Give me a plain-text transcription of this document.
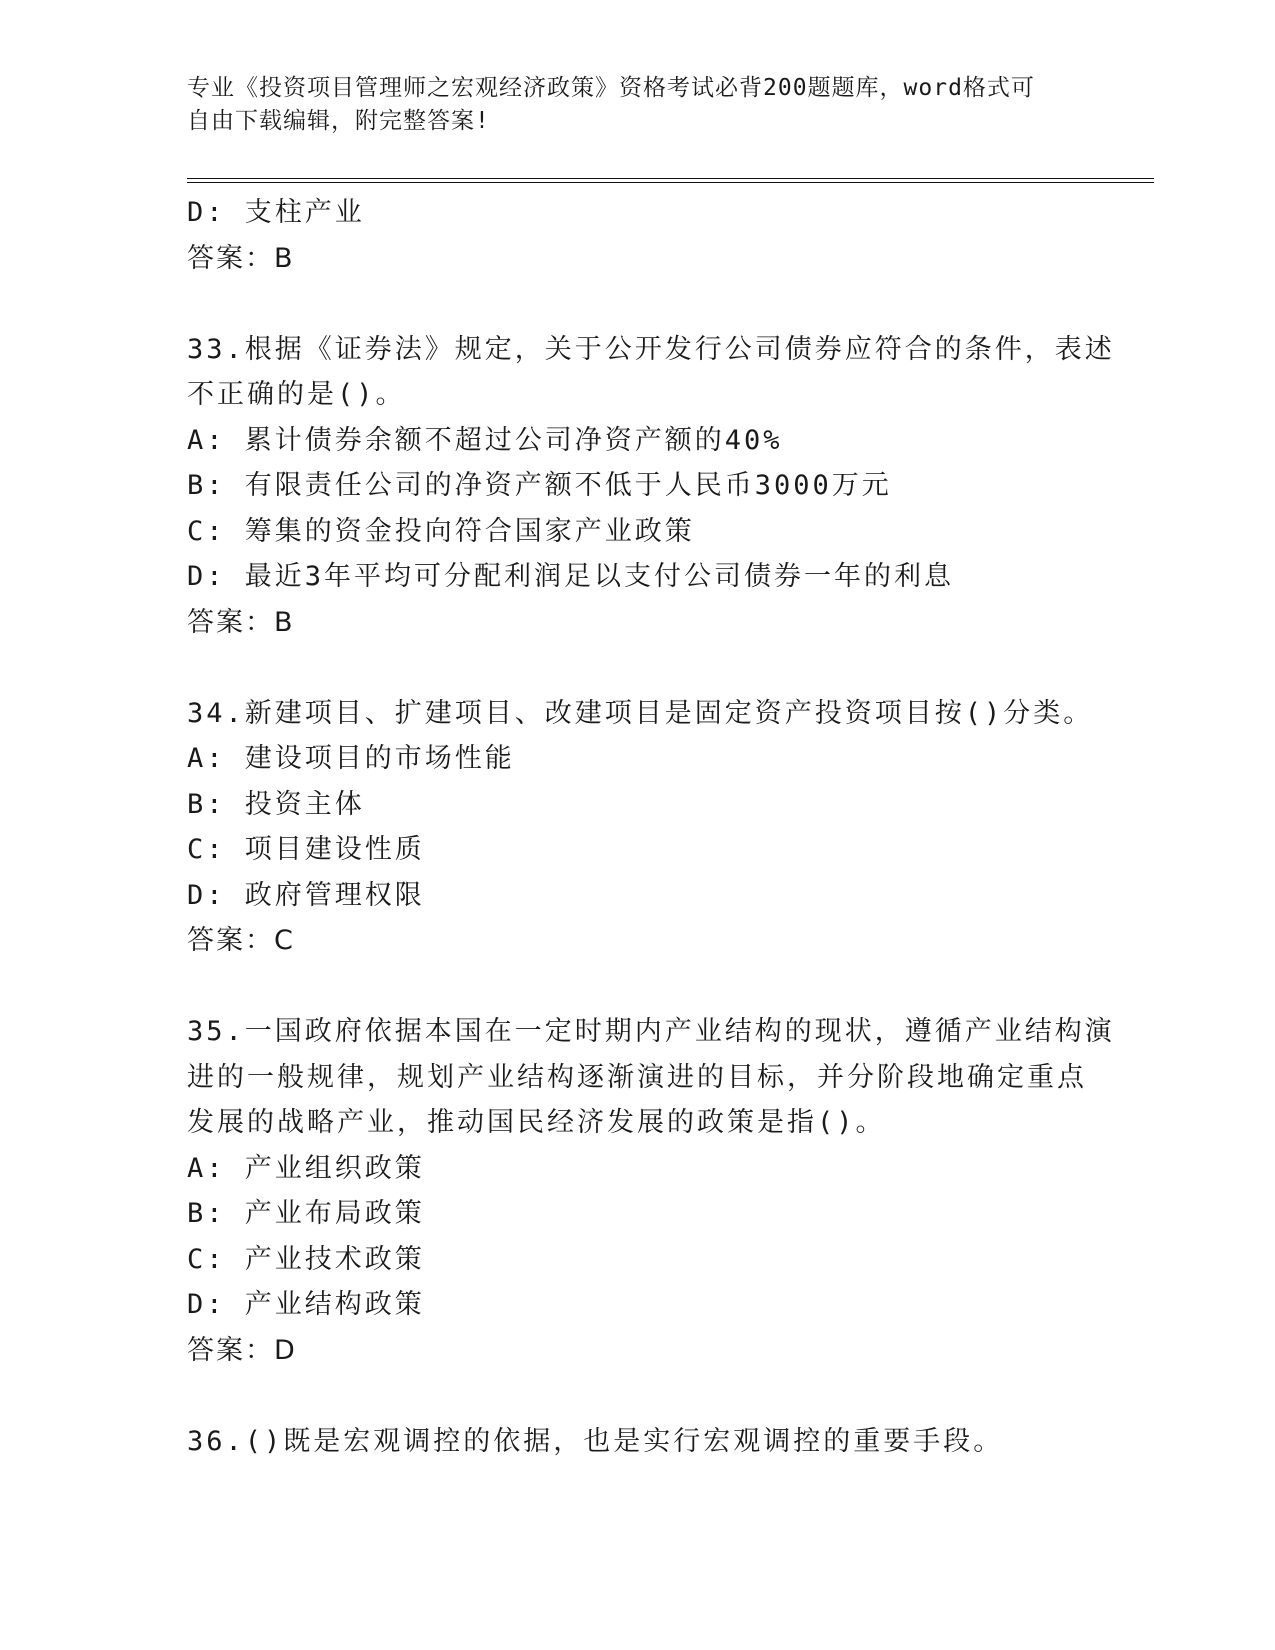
专业《投资项目管理师之宏观经济政策》资格考试必背200题题库，word格式可
自由下载编辑，附完整答案!
D: 支柱产业
答案：B
33.根据《证券法》规定，关于公开发行公司债券应符合的条件，表述
不正确的是()。
A: 累计债券余额不超过公司净资产额的40%
B: 有限责任公司的净资产额不低于人民币3000万元
C: 筹集的资金投向符合国家产业政策
D: 最近3年平均可分配利润足以支付公司债券一年的利息
答案：B
34.新建项目、扩建项目、改建项目是固定资产投资项目按()分类。
A: 建设项目的市场性能
B: 投资主体
C: 项目建设性质
D: 政府管理权限
答案：C
35.一国政府依据本国在一定时期内产业结构的现状，遵循产业结构演
进的一般规律，规划产业结构逐渐演进的目标，并分阶段地确定重点
发展的战略产业，推动国民经济发展的政策是指()。
A: 产业组织政策
B: 产业布局政策
C: 产业技术政策
D: 产业结构政策
答案：D
36.()既是宏观调控的依据，也是实行宏观调控的重要手段。
